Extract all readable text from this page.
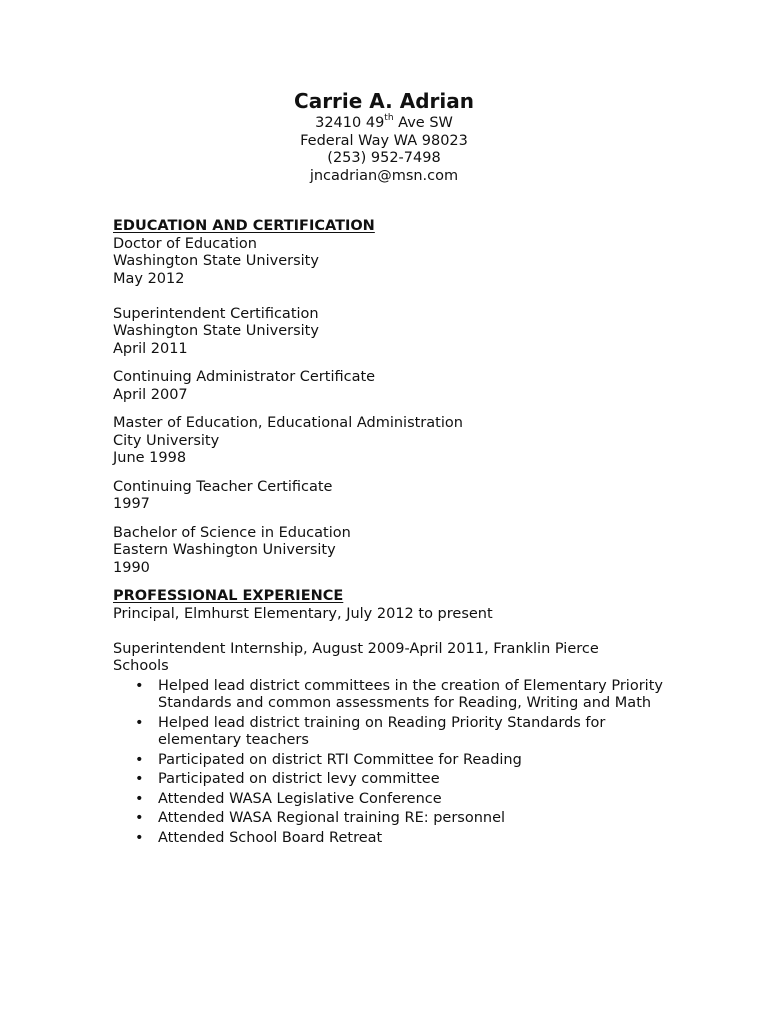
Carrie A. Adrian
32410 49th Ave SW
Federal Way WA 98023
(253) 952-7498
jncadrian@msn.com
EDUCATION AND CERTIFICATION
Doctor of Education
Washington State University
May 2012
Superintendent Certification
Washington State University
April 2011
Continuing Administrator Certificate
April 2007
Master of Education, Educational Administration
City University
June 1998
Continuing Teacher Certificate
1997
Bachelor of Science in Education
Eastern Washington University
1990
PROFESSIONAL EXPERIENCE
Principal, Elmhurst Elementary, July 2012 to present
Superintendent Internship, August 2009-April 2011, Franklin Pierce
Schools
• Helped lead district committees in the creation of Elementary Priority Standards and common assessments for Reading, Writing and Math
• Helped lead district training on Reading Priority Standards for elementary teachers
• Participated on district RTI Committee for Reading
• Participated on district levy committee
• Attended WASA Legislative Conference
• Attended WASA Regional training RE: personnel
• Attended School Board Retreat
